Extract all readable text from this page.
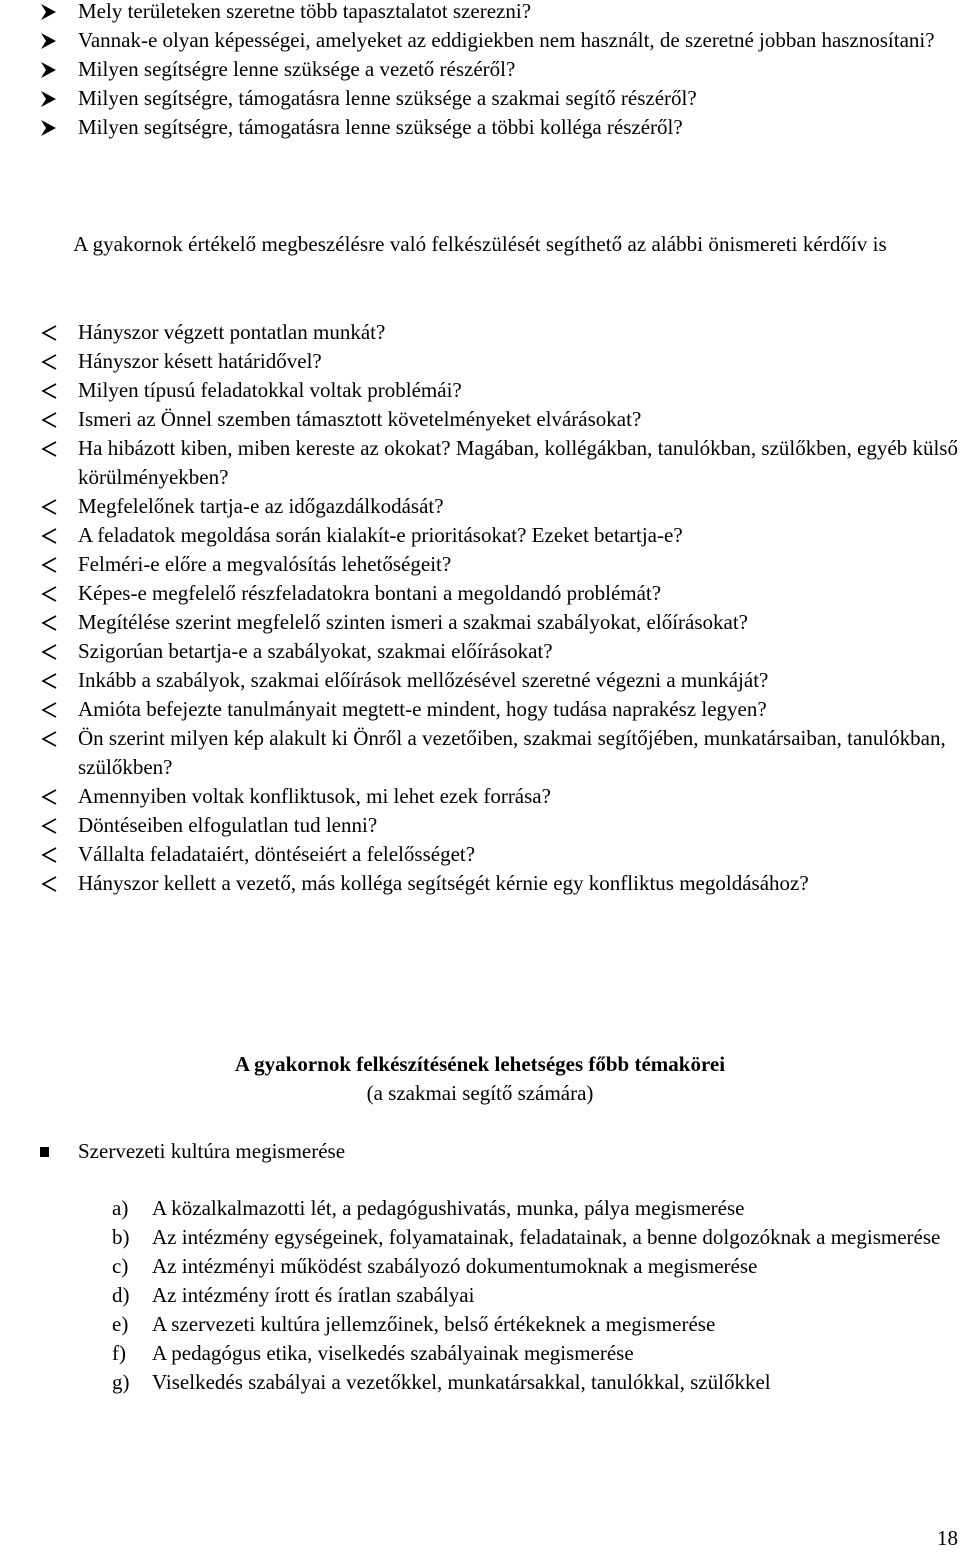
Mely területeken szeretne több tapasztalatot szerezni?
Vannak-e olyan képességei, amelyeket az eddigiekben nem használt, de szeretné jobban hasznosítani?
Milyen segítségre lenne szüksége a vezető részéről?
Milyen segítségre, támogatásra lenne szüksége a szakmai segítő részéről?
Milyen segítségre, támogatásra lenne szüksége a többi kolléga részéről?
A gyakornok értékelő megbeszélésre való felkészülését segíthető az alábbi önismereti kérdőív is
Hányszor végzett pontatlan munkát?
Hányszor késett határidővel?
Milyen típusú feladatokkal voltak problémái?
Ismeri az Önnel szemben támasztott követelményeket elvárásokat?
Ha hibázott kiben, miben kereste az okokat? Magában, kollégákban, tanulókban, szülőkben, egyéb külső körülményekben?
Megfelelőnek tartja-e az időgazdálkodását?
A feladatok megoldása során kialakít-e prioritásokat? Ezeket betartja-e?
Felméri-e előre a megvalósítás lehetőségeit?
Képes-e megfelelő részfeladatokra bontani a megoldandó problémát?
Megítélése szerint megfelelő szinten ismeri a szakmai szabályokat, előírásokat?
Szigorúan betartja-e a szabályokat, szakmai előírásokat?
Inkább a szabályok, szakmai előírások mellőzésével szeretné végezni a munkáját?
Amióta befejezte tanulmányait megtett-e mindent, hogy tudása naprakész legyen?
Ön szerint milyen kép alakult ki Önről a vezetőiben, szakmai segítőjében, munkatársaiban, tanulókban, szülőkben?
Amennyiben voltak konfliktusok, mi lehet ezek forrása?
Döntéseiben elfogulatlan tud lenni?
Vállalta feladataiért, döntéseiért a felelősséget?
Hányszor kellett a vezető, más kolléga segítségét kérnie egy konfliktus megoldásához?
A gyakornok felkészítésének lehetséges főbb témakörei
(a szakmai segítő számára)
Szervezeti kultúra megismerése
a) A közalkalmazotti lét, a pedagógushivatás, munka, pálya megismerése
b) Az intézmény egységeinek, folyamatainak, feladatainak, a benne dolgozóknak a megismerése
c) Az intézményi működést szabályozó dokumentumoknak a megismerése
d) Az intézmény írott és íratlan szabályai
e) A szervezeti kultúra jellemzőinek, belső értékeknek a megismerése
f) A pedagógus etika, viselkedés szabályainak megismerése
g) Viselkedés szabályai a vezetőkkel, munkatársakkal, tanulókkal, szülőkkel
18
